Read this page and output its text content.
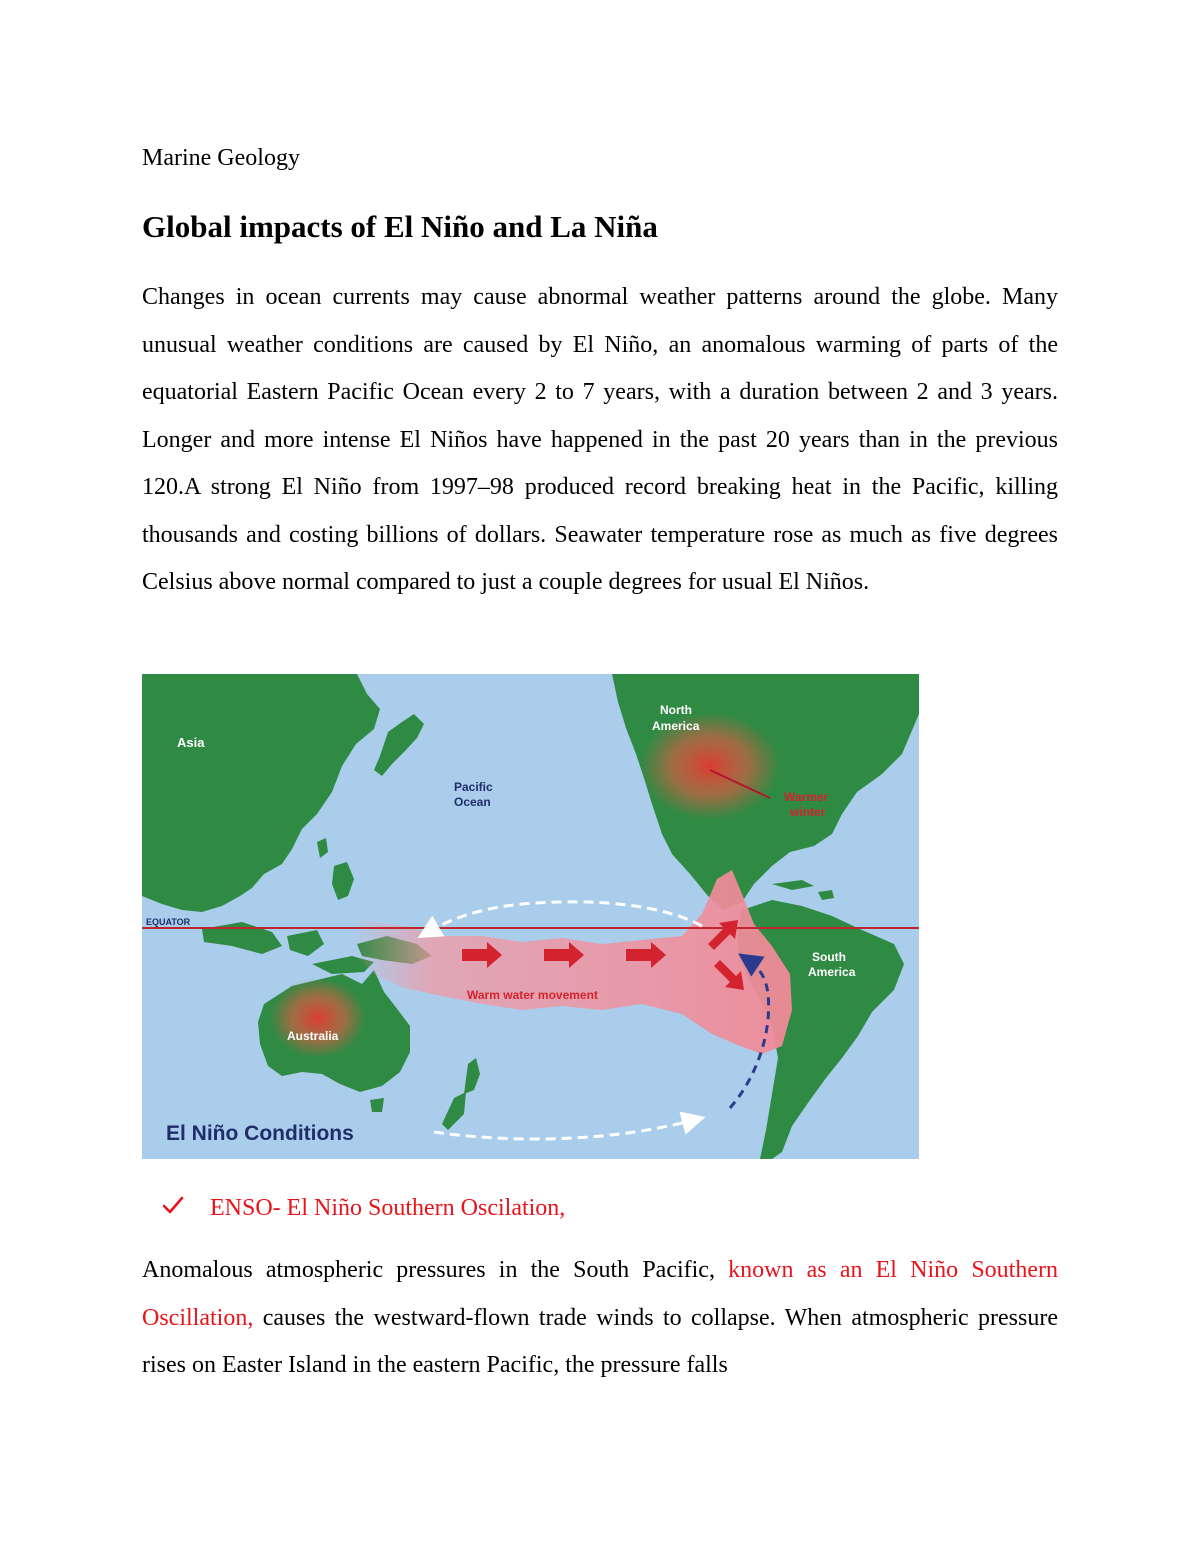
Marine Geology

Global impacts of El Niño and La Niña

Changes in ocean currents may cause abnormal weather patterns around the globe. Many unusual weather conditions are caused by El Niño, an anomalous warming of parts of the equatorial Eastern Pacific Ocean every 2 to 7 years, with a duration between 2 and 3 years. Longer and more intense El Niños have happened in the past 20 years than in the previous 120.A strong El Niño from 1997–98 produced record breaking heat in the Pacific, killing thousands and costing billions of dollars. Seawater temperature rose as much as five degrees Celsius above normal compared to just a couple degrees for usual El Niños.

Asia
Pacific
Ocean
North
America
Warmer
winter
EQUATOR
South
America
Australia
Warm water movement
El Niño Conditions

ENSO- El Niño Southern Oscilation,

Anomalous atmospheric pressures in the South Pacific, known as an El Niño Southern Oscillation, causes the westward-flown trade winds to collapse. When atmospheric pressure rises on Easter Island in the eastern Pacific, the pressure falls
